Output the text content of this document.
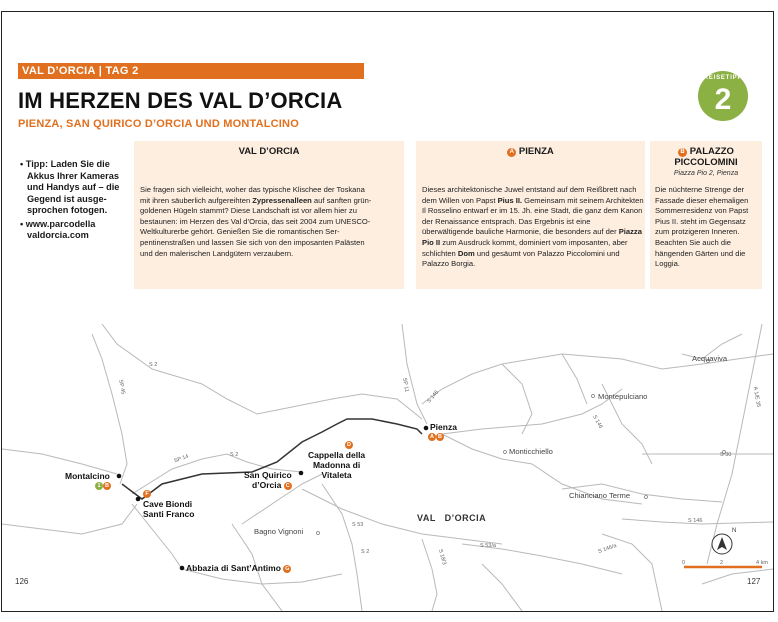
VAL D’ORCIA | TAG 2
IM HERZEN DES VAL D’ORCIA
PIENZA, SAN QUIRICO D’ORCIA UND MONTALCINO
REISETIPP
2
• Tipp: Laden Sie die Akkus Ihrer Kameras und Handys auf – die Gegend ist ausgesprochen fotogen.
• www.parcodella valdorcia.com
VAL D’ORCIA
Sie fragen sich vielleicht, woher das typische Klischee der Toskana mit ihren säuberlich aufgereihten Zypressenalleen auf sanften grün-goldenen Hügeln stammt? Diese Landschaft ist vor allem hier zu bestaunen: im Herzen des Val d’Orcia, das seit 2004 zum UNESCO-Weltkulturerbe gehört. Genießen Sie die romantischen Serpentinenstraßen und lassen Sie sich von den imposanten Palästen und den malerischen Landgütern verzaubern.
A PIENZA
Dieses architektonische Juwel entstand auf dem Reißbrett nach dem Willen von Papst Pius II. Gemeinsam mit seinem Architekten Il Rosselino entwarf er im 15. Jh. eine Stadt, die ganz dem Kanon der Renaissance entsprach. Das Ergebnis ist eine überwältigende bauliche Harmonie, die besonders auf der Piazza Pio II zum Ausdruck kommt, dominiert vom imposanten, aber schlichten Dom und gesäumt von Palazzo Piccolomini und Palazzo Borgia.
B PALAZZO
PICCOLOMINI
Piazza Pio 2, Pienza
Die nüchterne Strenge der Fassade dieser ehemaligen Sommerresidenz von Papst Pius II. steht im Gegensatz zum protzigeren Inneren. Beachten Sie auch die hängenden Gärten und die Loggia.
Montalcino
1 B
F
Cave Biondi
Santi Franco
Abbazia di Sant’Antimo G
San Quirico
d’Orcia C
D
Cappella della
Madonna di
Vitaleta
Pienza
A B
VAL   D’ORCIA
Acquaviva
Montepulciano
Monticchiello
Chianciano Terme
Bagno Vignoni
S 2
SP 45
SP 14	S 2
SP 11
S 146
S 146
A 1/E 35
S 30
S 53
S 2	S 18/3
S 53/a	S 146/a
S 146
0	2	4 km
N
126	127
